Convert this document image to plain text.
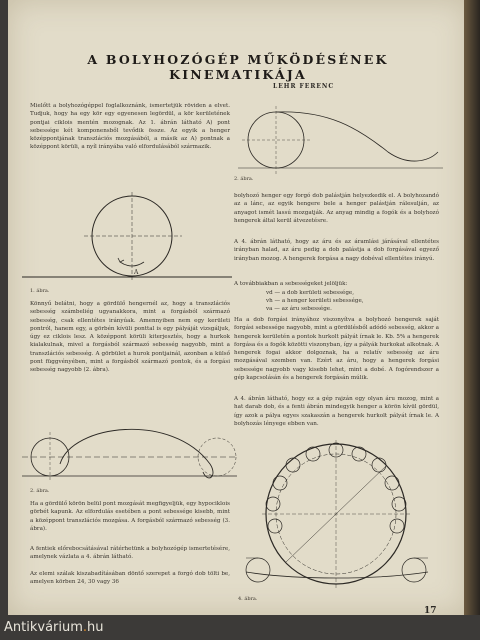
A BOLYHOZÓGÉP MŰKÖDÉSÉNEK KINEMATIKÁJA
LEHR FERENC
Mielőtt a bolyhozógéppel foglalkoznánk, ismertetjük röviden a elvet. Tudjuk, hogy ha egy kör egy egyenesen legördül, a kör kerületének pontjai ciklois mentén mozognak. Az 1. ábrán látható A) pont sebessége két komponensből tevődik össze. Az egyik a henger középpontjának transzlációs mozgásából, a másik az A) pontnak a középpont körüli, a nyíl irányába való elfordulásából származik.
A
1. ábra.
Könnyű belátni, hogy a gördülő hengernél az, hogy a transzlációs sebesség számbeliég ugyanakkora, mint a forgásból származó sebesség, csak ellentétes irányúak. Amennyiben nem egy kerületi pontról, hanem egy, a görbén kívüli ponttal is egy pályáját vizsgáljuk, úgy ez ciklois lesz. A középpont körüli kiterjesztés, hogy a hurkok kialakulnak, mivel a forgásból származó sebesség nagyobb, mint a transzlációs sebesség. A görbület a hurok pontjainál, azonban a külső pont függvényében, mint a forgásból származó pontok, és a forgási sebesség nagyobb (2. ábra).
2. ábra.
Ha a gördülő körön belül pont mozgását megfigyeljük, egy hypociklois görbét kapunk. Az elfordulás esetében a pont sebessége kisebb, mint a középpont transzlációs mozgása. A forgásból származó sebesség (3. ábra).
A fentiek előrebocsátásával rátérhetünk a bolyhozógép ismertetésére, amelynek vázlata a 4. ábrán látható.
Az elemi szálak kiszabadításában döntő szerepet a forgó dob tölti be, amelyen körben 24, 30 vagy 36
2. ábra.
bolyhozó henger egy forgó dob palástján helyezkedik el. A bolyhozandó az a lánc, az egyik hengere bele a henger palástján rálesulján, az anyagot ismét lassú mozgatják. Az anyag mindig a fogók és a bolyhozó hengerek által kerül átvezetésre.
A 4. ábrán látható, hogy az áru és az áramlási járásával ellentétes irányban halad, az áru pedig a dob palástja a dob forgásával egyező irányban mozog. A hengerek forgása a nagy dobéval ellentétes irányú.
A továbbiakban a sebességeket jelöljük:
vd — a dob kerületi sebessége,
vh — a henger kerületi sebessége,
va — az áru sebessége.
Ha a dob forgási irányához viszonyítva a bolyhozó hengerek saját forgási sebessége nagyobb, mint a gördülésből adódó sebesség, akkor a hengerek kerületén a pontok hurkolt pályát írnak le. Kb. 5% a hengerek forgása és a fogók közötti viszonyban, így a pályák hurkokat alkotnak. A hengerek fogai akkor dolgoznak, ha a relatív sebesség az áru mozgásával szemben van. Ezért az áru, hogy a hengerek forgási sebessége nagyobb vagy kisebb lehet, mint a dobé. A fogórendszer a gép kapcsolásán és a hengerek forgásán múlik.
A 4. ábrán látható, hogy ez a gép rajzán egy olyan áru mozog, mint a hat darab dob, és a fenti ábrán mindegyik henger a körön kívül gördül, így azok a pálya egyes szakaszán a hengerek hurkolt pályát írnak le. A bolyhozás lényege ebben van.
4. ábra.
17
Antikvárium.hu
